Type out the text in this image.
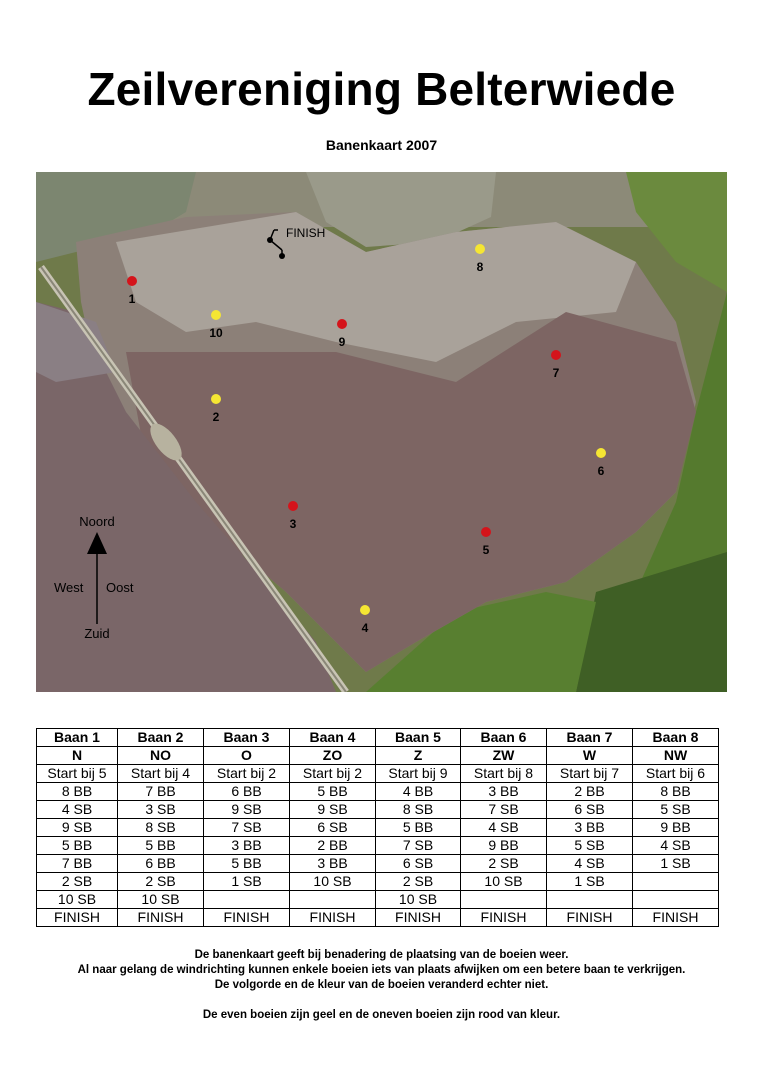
Zeilvereniging Belterwiede
Banenkaart 2007
FINISH
1
10
9
8
7
2
6
3
5
4
Noord
West Oost
Zuid
Baan 1	Baan 2	Baan 3	Baan 4	Baan 5	Baan 6	Baan 7	Baan 8
N	NO	O	ZO	Z	ZW	W	NW
Start bij 5	Start bij 4	Start bij 2	Start bij 2	Start bij 9	Start bij 8	Start bij 7	Start bij 6
8 BB	7 BB	6 BB	5 BB	4 BB	3 BB	2 BB	8 BB
4 SB	3 SB	9 SB	9 SB	8 SB	7 SB	6 SB	5 SB
9 SB	8 SB	7 SB	6 SB	5 BB	4 SB	3 BB	9 BB
5 BB	5 BB	3 BB	2 BB	7 SB	9 BB	5 SB	4 SB
7 BB	6 BB	5 BB	3 BB	6 SB	2 SB	4 SB	1 SB
2 SB	2 SB	1 SB	10 SB	2 SB	10 SB	1 SB	
10 SB	10 SB			10 SB			
FINISH	FINISH	FINISH	FINISH	FINISH	FINISH	FINISH	FINISH

De banenkaart geeft bij benadering de plaatsing van de boeien weer.

Al naar gelang de windrichting kunnen enkele boeien iets van plaats afwijken om een betere baan te verkrijgen.

De volgorde en de kleur van de boeien veranderd echter niet.

De even boeien zijn geel en de oneven boeien zijn rood van kleur.
